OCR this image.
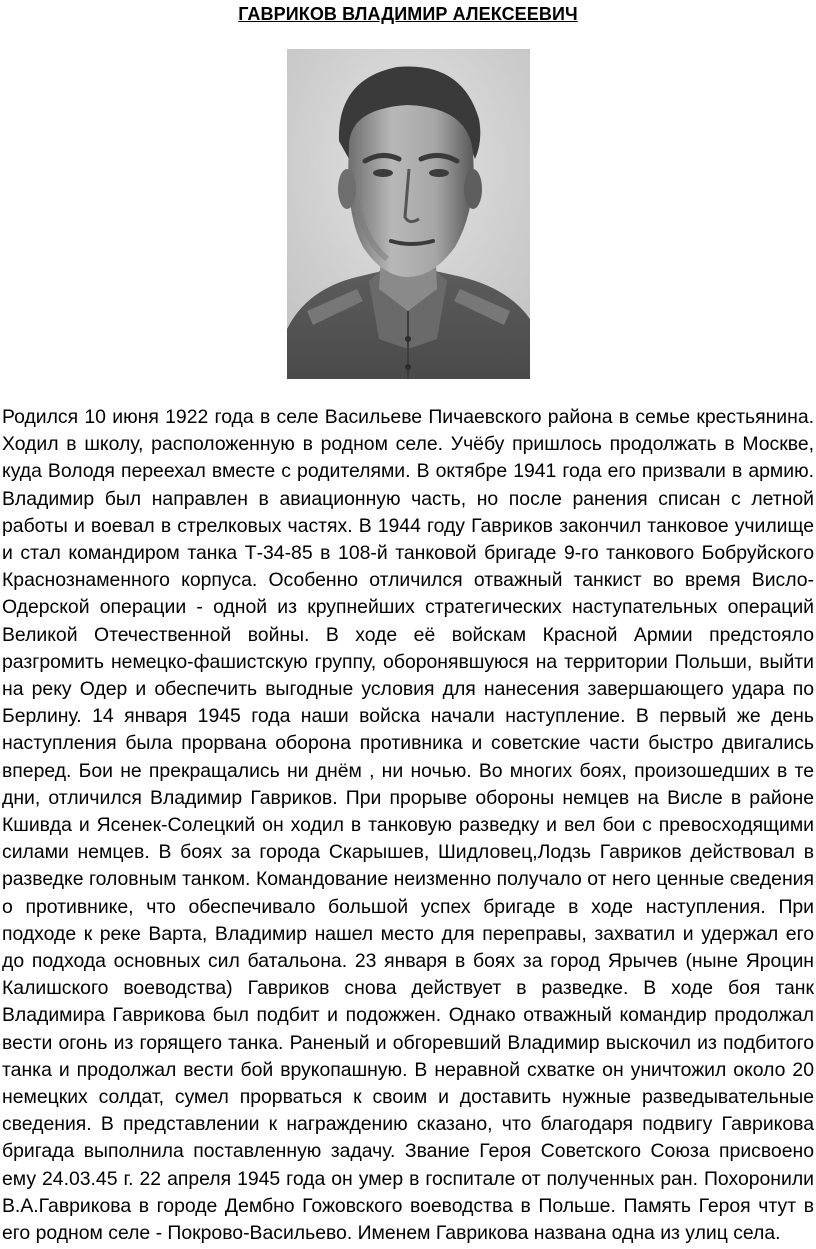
ГАВРИКОВ ВЛАДИМИР АЛЕКСЕЕВИЧ

Родился 10 июня 1922 года в селе Васильеве Пичаевского района в семье крестьянина. Ходил в школу, расположенную в родном селе. Учёбу пришлось продолжать в Москве, куда Володя переехал вместе с родителями. В октябре 1941 года его призвали в армию. Владимир был направлен в авиационную часть, но после ранения списан с летной работы и воевал в стрелковых частях. В 1944 году Гавриков закончил танковое училище и стал командиром танка Т-34-85 в 108-й танковой бригаде 9-го танкового Бобруйского Краснознаменного корпуса. Особенно отличился отважный танкист во время Висло-Одерской операции - одной из крупнейших стратегических наступательных операций Великой Отечественной войны. В ходе её войскам Красной Армии предстояло разгромить немецко-фашистскую группу, оборонявшуюся на территории Польши, выйти на реку Одер и обеспечить выгодные условия для нанесения завершающего удара по Берлину. 14 января 1945 года наши войска начали наступление. В первый же день наступления была прорвана оборона противника и советские части быстро двигались вперед. Бои не прекращались ни днём , ни ночью. Во многих боях, произошедших в те дни, отличился Владимир Гавриков. При прорыве обороны немцев на Висле в районе Кшивда и Ясенек-Солецкий он ходил в танковую разведку и вел бои с превосходящими силами немцев. В боях за города Скарышев, Шидловец,Лодзь Гавриков действовал в разведке головным танком. Командование неизменно получало от него ценные сведения о противнике, что обеспечивало большой успех бригаде в ходе наступления. При подходе к реке Варта, Владимир нашел место для переправы, захватил и удержал его до подхода основных сил батальона. 23 января в боях за город Ярычев (ныне Яроцин Калишского воеводства) Гавриков снова действует в разведке. В ходе боя танк Владимира Гаврикова был подбит и подожжен. Однако отважный командир продолжал вести огонь из горящего танка. Раненый и обгоревший Владимир выскочил из подбитого танка и продолжал вести бой врукопашную. В неравной схватке он уничтожил около 20 немецких солдат, сумел прорваться к своим и доставить нужные разведывательные сведения. В представлении к награждению сказано, что благодаря подвигу Гаврикова бригада выполнила поставленную задачу. Звание Героя Советского Союза присвоено ему 24.03.45 г. 22 апреля 1945 года он умер в госпитале от полученных ран. Похоронили В.А.Гаврикова в городе Дембно Гожовского воеводства в Польше. Память Героя чтут в его родном селе - Покрово-Васильево. Именем Гаврикова названа одна из улиц села.
